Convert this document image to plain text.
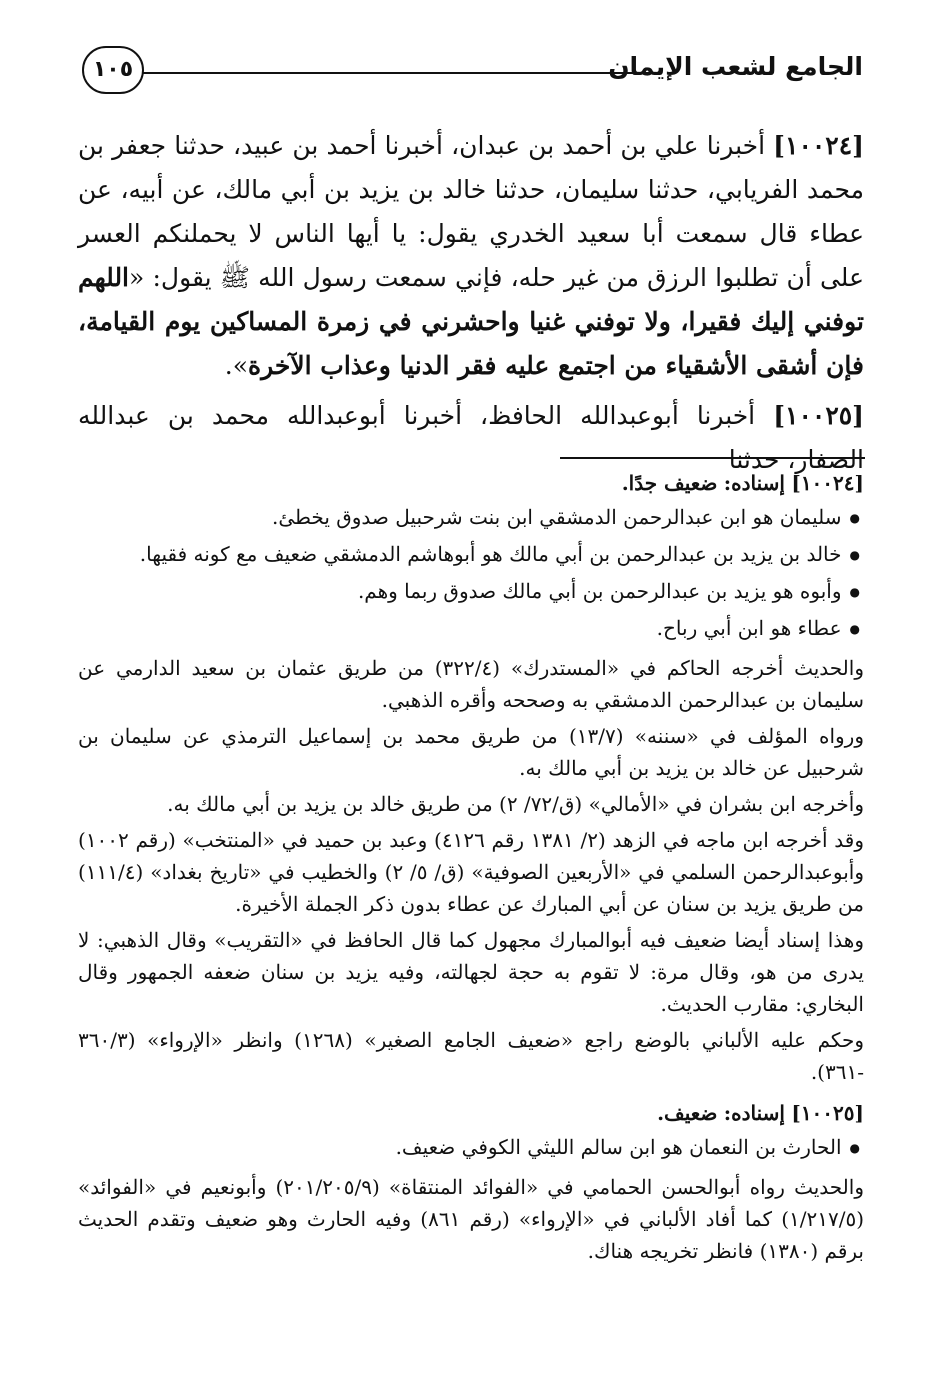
الجامع لشعب الإيمان
١٠٥

[١٠٠٢٤] أخبرنا علي بن أحمد بن عبدان، أخبرنا أحمد بن عبيد، حدثنا جعفر بن محمد الفريابي، حدثنا سليمان، حدثنا خالد بن يزيد بن أبي مالك، عن أبيه، عن عطاء قال سمعت أبا سعيد الخدري يقول: يا أيها الناس لا يحملنكم العسر على أن تطلبوا الرزق من غير حله، فإني سمعت رسول الله ﷺ يقول: «اللهم توفني إليك فقيرا، ولا توفني غنيا واحشرني في زمرة المساكين يوم القيامة، فإن أشقى الأشقياء من اجتمع عليه فقر الدنيا وعذاب الآخرة».

[١٠٠٢٥] أخبرنا أبوعبدالله الحافظ، أخبرنا أبوعبدالله محمد بن عبدالله الصفار، حدثنا

[١٠٠٢٤] إسناده: ضعيف جدًا.

● سليمان هو ابن عبدالرحمن الدمشقي ابن بنت شرحبيل صدوق يخطئ.

● خالد بن يزيد بن عبدالرحمن بن أبي مالك هو أبوهاشم الدمشقي ضعيف مع كونه فقيها.

● وأبوه هو يزيد بن عبدالرحمن بن أبي مالك صدوق ربما وهم.

● عطاء هو ابن أبي رباح.

والحديث أخرجه الحاكم في «المستدرك» (٣٢٢/٤) من طريق عثمان بن سعيد الدارمي عن سليمان بن عبدالرحمن الدمشقي به وصححه وأقره الذهبي.

ورواه المؤلف في «سننه» (١٣/٧) من طريق محمد بن إسماعيل الترمذي عن سليمان بن شرحبيل عن خالد بن يزيد بن أبي مالك به.

وأخرجه ابن بشران في «الأمالي» (ق/٧٢/ ٢) من طريق خالد بن يزيد بن أبي مالك به.

وقد أخرجه ابن ماجه في الزهد (٢/ ١٣٨١ رقم ٤١٢٦) وعبد بن حميد في «المنتخب» (رقم ١٠٠٢) وأبوعبدالرحمن السلمي في «الأربعين الصوفية» (ق/ ٥/ ٢) والخطيب في «تاريخ بغداد» (١١١/٤) من طريق يزيد بن سنان عن أبي المبارك عن عطاء بدون ذكر الجملة الأخيرة.

وهذا إسناد أيضا ضعيف فيه أبوالمبارك مجهول كما قال الحافظ في «التقريب» وقال الذهبي: لا يدرى من هو، وقال مرة: لا تقوم به حجة لجهالته، وفيه يزيد بن سنان ضعفه الجمهور وقال البخاري: مقارب الحديث.

وحكم عليه الألباني بالوضع راجع «ضعيف الجامع الصغير» (١٢٦٨) وانظر «الإرواء» (٣٦٠/٣ -٣٦١).

[١٠٠٢٥] إسناده: ضعيف.

● الحارث بن النعمان هو ابن سالم الليثي الكوفي ضعيف.

والحديث رواه أبوالحسن الحمامي في «الفوائد المنتقاة» (٢٠١/٢٠٥/٩) وأبونعيم في «الفوائد» (١/٢١٧/٥) كما أفاد الألباني في «الإرواء» (رقم ٨٦١) وفيه الحارث وهو ضعيف وتقدم الحديث برقم (١٣٨٠) فانظر تخريجه هناك.
